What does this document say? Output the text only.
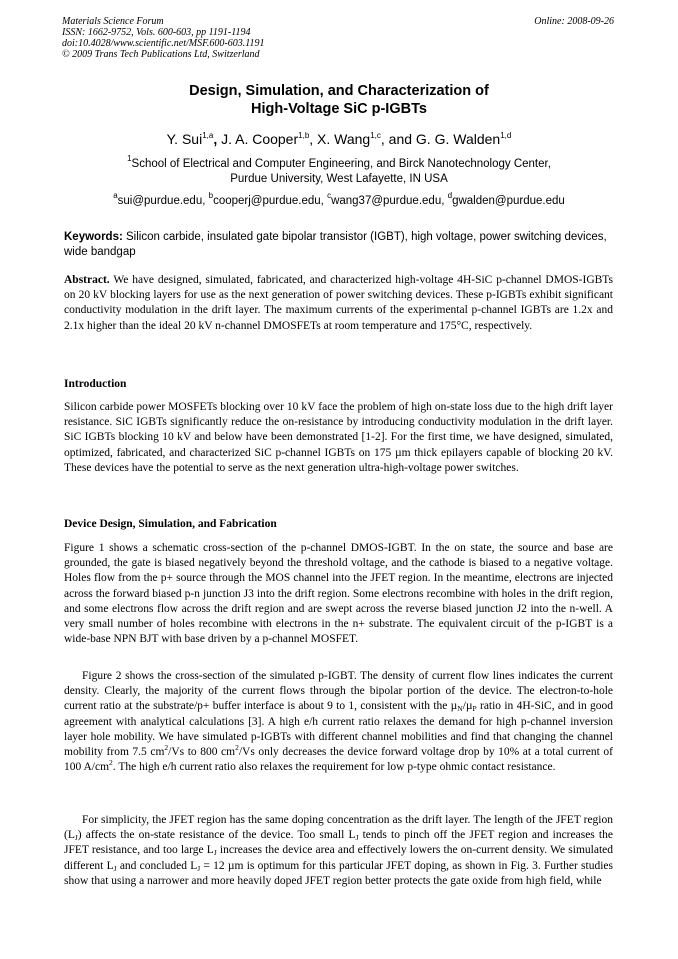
Materials Science Forum
ISSN: 1662-9752, Vols. 600-603, pp 1191-1194
doi:10.4028/www.scientific.net/MSF.600-603.1191
© 2009 Trans Tech Publications Ltd, Switzerland
Online: 2008-09-26
Design, Simulation, and Characterization of
High-Voltage SiC p-IGBTs
Y. Sui$^{1,a}$, J. A. Cooper$^{1,b}$, X. Wang$^{1,c}$, and G. G. Walden$^{1,d}$
$^1$School of Electrical and Computer Engineering, and Birck Nanotechnology Center,
Purdue University, West Lafayette, IN USA
$^a$sui@purdue.edu, $^b$cooperj@purdue.edu, $^c$wang37@purdue.edu, $^d$gwalden@purdue.edu
Keywords: Silicon carbide, insulated gate bipolar transistor (IGBT), high voltage, power switching devices, wide bandgap

Abstract. We have designed, simulated, fabricated, and characterized high-voltage 4H-SiC p-channel DMOS-IGBTs on 20 kV blocking layers for use as the next generation of power switching devices. These p-IGBTs exhibit significant conductivity modulation in the drift layer. The maximum currents of the experimental p-channel IGBTs are 1.2x and 2.1x higher than the ideal 20 kV n-channel DMOSFETs at room temperature and 175°C, respectively.

Introduction

Silicon carbide power MOSFETs blocking over 10 kV face the problem of high on-state loss due to the high drift layer resistance. SiC IGBTs significantly reduce the on-resistance by introducing conductivity modulation in the drift layer. SiC IGBTs blocking 10 kV and below have been demonstrated [1-2]. For the first time, we have designed, simulated, optimized, fabricated, and characterized SiC p-channel IGBTs on 175 µm thick epilayers capable of blocking 20 kV. These devices have the potential to serve as the next generation ultra-high-voltage power switches.

Device Design, Simulation, and Fabrication

Figure 1 shows a schematic cross-section of the p-channel DMOS-IGBT. In the on state, the source and base are grounded, the gate is biased negatively beyond the threshold voltage, and the cathode is biased to a negative voltage. Holes flow from the p+ source through the MOS channel into the JFET region. In the meantime, electrons are injected across the forward biased p-n junction J3 into the drift region. Some electrons recombine with holes in the drift region, and some electrons flow across the drift region and are swept across the reverse biased junction J2 into the n-well. A very small number of holes recombine with electrons in the n+ substrate. The equivalent circuit of the p-IGBT is a wide-base NPN BJT with base driven by a p-channel MOSFET.

Figure 2 shows the cross-section of the simulated p-IGBT. The density of current flow lines indicates the current density. Clearly, the majority of the current flows through the bipolar portion of the device. The electron-to-hole current ratio at the substrate/p+ buffer interface is about 9 to 1, consistent with the µ$_N$/µ$_P$ ratio in 4H-SiC, and in good agreement with analytical calculations [3]. A high e/h current ratio relaxes the demand for high p-channel inversion layer hole mobility. We have simulated p-IGBTs with different channel mobilities and find that changing the channel mobility from 7.5 $cm^2/Vs$ to 800 $cm^2/Vs$ only decreases the device forward voltage drop by 10% at a total current of 100 $A/cm^2$. The high e/h current ratio also relaxes the requirement for low p-type ohmic contact resistance.

For simplicity, the JFET region has the same doping concentration as the drift layer. The length of the JFET region $(L_J)$ affects the on-state resistance of the device. Too small $L_J$ tends to pinch off the JFET region and increases the JFET resistance, and too large $L_J$ increases the device area and effectively lowers the on-current density. We simulated different $L_J$ and concluded $L_J = 12$ µm is optimum for this particular JFET doping, as shown in Fig. 3. Further studies show that using a narrower and more heavily doped JFET region better protects the gate oxide from high field, while
